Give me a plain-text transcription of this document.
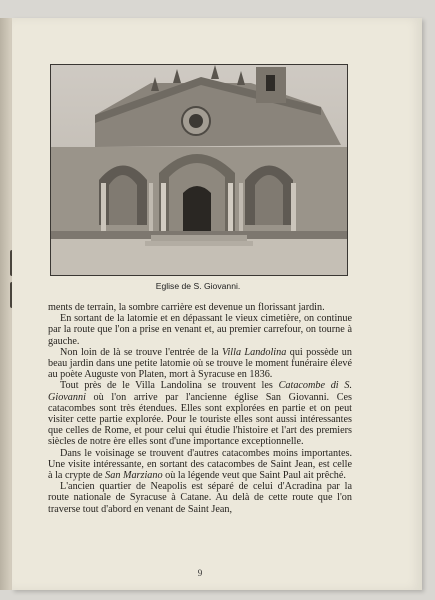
Eglise de S. Giovanni.

ments de terrain, la sombre carrière est devenue un florissant jardin.

En sortant de la latomie et en dépassant le vieux cimetière, on continue par la route que l'on a prise en venant et, au premier carrefour, on tourne à gauche.

Non loin de là se trouve l'entrée de la Villa Landolina qui possède un beau jardin dans une petite latomie où se trouve le moment funéraire élevé au poète Auguste von Platen, mort à Syracuse en 1836.

Tout près de le Villa Landolina se trouvent les Catacombe di S. Giovanni où l'on arrive par l'ancienne église San Giovanni. Ces catacombes sont très étendues. Elles sont explorées en partie et on peut visiter cette partie explorée. Pour le touriste elles sont aussi intéressantes que celles de Rome, et pour celui qui étudie l'histoire et l'art des premiers siècles de notre ère elles sont d'une importance exceptionnelle.

Dans le voisinage se trouvent d'autres catacombes moins importantes. Une visite intéressante, en sortant des catacombes de Saint Jean, est celle à la crypte de San Marziano où la légende veut que Saint Paul ait prêché.

L'ancien quartier de Neapolis est séparé de celui d'Acradina par la route nationale de Syracuse à Catane. Au delà de cette route que l'on traverse tout d'abord en venant de Saint Jean,

9
